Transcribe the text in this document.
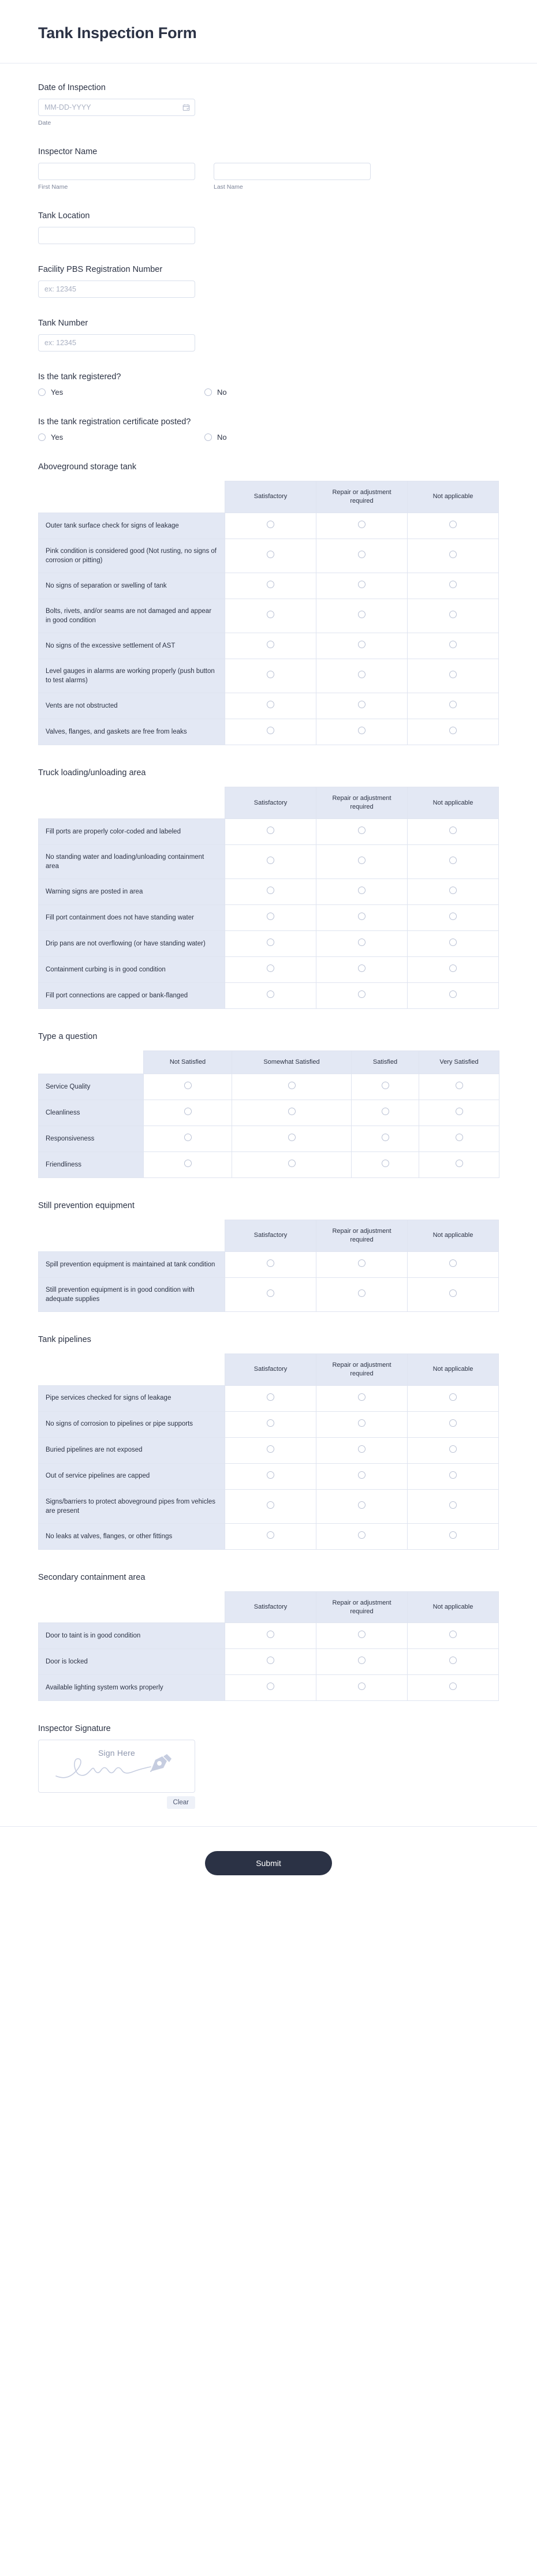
Tank Inspection Form
Date of Inspection
MM-DD-YYYY
Date
Inspector Name
First Name	Last Name
Tank Location
Facility PBS Registration Number
ex: 12345
Tank Number
ex: 12345
Is the tank registered?
Yes	No
Is the tank registration certificate posted?
Yes	No
Aboveground storage tank
	Satisfactory	Repair or adjustment required	Not applicable
Outer tank surface check for signs of leakage			
Pink condition is considered good (Not rusting, no signs of corrosion or pitting)			
No signs of separation or swelling of tank			
Bolts, rivets, and/or seams are not damaged and appear in good condition			
No signs of the excessive settlement of AST			
Level gauges in alarms are working properly (push button to test alarms)			
Vents are not obstructed			
Valves, flanges, and gaskets are free from leaks			
Truck loading/unloading area
	Satisfactory	Repair or adjustment required	Not applicable
Fill ports are properly color-coded and labeled			
No standing water and loading/unloading containment area			
Warning signs are posted in area			
Fill port containment does not have standing water			
Drip pans are not overflowing (or have standing water)			
Containment curbing is in good condition			
Fill port connections are capped or bank-flanged			
Type a question
	Not Satisfied	Somewhat Satisfied	Satisfied	Very Satisfied
Service Quality				
Cleanliness				
Responsiveness				
Friendliness				
Still prevention equipment
	Satisfactory	Repair or adjustment required	Not applicable
Spill prevention equipment is maintained at tank condition			
Still prevention equipment is in good condition with adequate supplies			
Tank pipelines
	Satisfactory	Repair or adjustment required	Not applicable
Pipe services checked for signs of leakage			
No signs of corrosion to pipelines or pipe supports			
Buried pipelines are not exposed			
Out of service pipelines are capped			
Signs/barriers to protect aboveground pipes from vehicles are present			
No leaks at valves, flanges, or other fittings			
Secondary containment area
	Satisfactory	Repair or adjustment required	Not applicable
Door to taint is in good condition			
Door is locked			
Available lighting system works properly			
Inspector Signature
Sign Here
Clear
Submit
